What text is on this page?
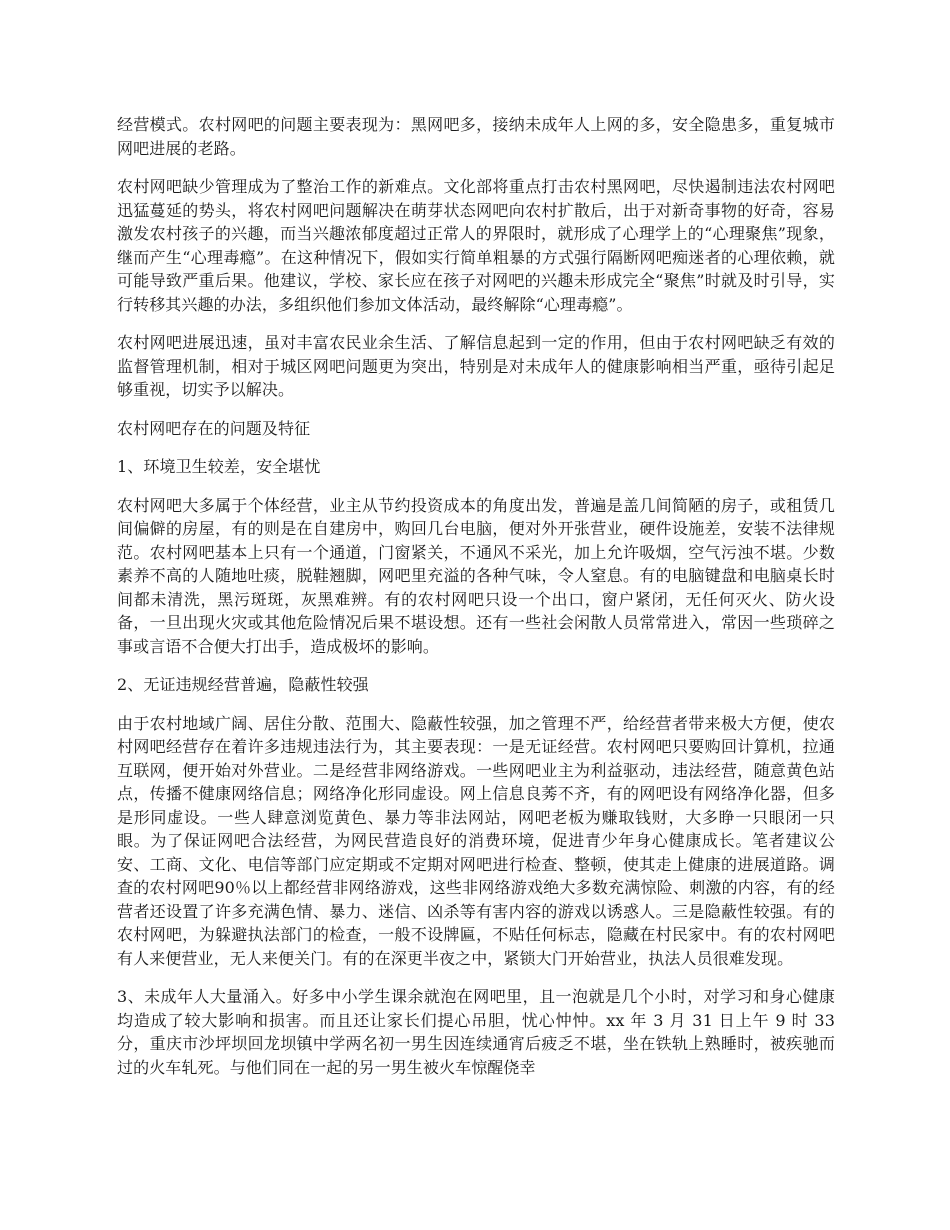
经营模式。农村网吧的问题主要表现为：黑网吧多，接纳未成年人上网的多，安全隐患多，重复城市网吧进展的老路。

农村网吧缺少管理成为了整治工作的新难点。文化部将重点打击农村黑网吧，尽快遏制违法农村网吧迅猛蔓延的势头，将农村网吧问题解决在萌芽状态网吧向农村扩散后，出于对新奇事物的好奇，容易激发农村孩子的兴趣，而当兴趣浓郁度超过正常人的界限时，就形成了心理学上的“心理聚焦”现象，继而产生“心理毒瘾”。在这种情况下，假如实行简单粗暴的方式强行隔断网吧痴迷者的心理依赖，就可能导致严重后果。他建议，学校、家长应在孩子对网吧的兴趣未形成完全“聚焦”时就及时引导，实行转移其兴趣的办法，多组织他们参加文体活动，最终解除“心理毒瘾”。

农村网吧进展迅速，虽对丰富农民业余生活、了解信息起到一定的作用，但由于农村网吧缺乏有效的监督管理机制，相对于城区网吧问题更为突出，特别是对未成年人的健康影响相当严重，亟待引起足够重视，切实予以解决。

农村网吧存在的问题及特征

1、环境卫生较差，安全堪忧

农村网吧大多属于个体经营，业主从节约投资成本的角度出发，普遍是盖几间简陋的房子，或租赁几间偏僻的房屋，有的则是在自建房中，购回几台电脑，便对外开张营业，硬件设施差，安装不法律规范。农村网吧基本上只有一个通道，门窗紧关，不通风不采光，加上允许吸烟，空气污浊不堪。少数素养不高的人随地吐痰，脱鞋翘脚，网吧里充溢的各种气味，令人窒息。有的电脑键盘和电脑桌长时间都未清洗，黑污斑斑，灰黑难辨。有的农村网吧只设一个出口，窗户紧闭，无任何灭火、防火设备，一旦出现火灾或其他危险情况后果不堪设想。还有一些社会闲散人员常常进入，常因一些琐碎之事或言语不合便大打出手，造成极坏的影响。

2、无证违规经营普遍，隐蔽性较强

由于农村地域广阔、居住分散、范围大、隐蔽性较强，加之管理不严，给经营者带来极大方便，使农村网吧经营存在着许多违规违法行为，其主要表现：一是无证经营。农村网吧只要购回计算机，拉通互联网，便开始对外营业。二是经营非网络游戏。一些网吧业主为利益驱动，违法经营，随意黄色站点，传播不健康网络信息；网络净化形同虚设。网上信息良莠不齐，有的网吧设有网络净化器，但多是形同虚设。一些人肆意浏览黄色、暴力等非法网站，网吧老板为赚取钱财，大多睁一只眼闭一只眼。为了保证网吧合法经营，为网民营造良好的消费环境，促进青少年身心健康成长。笔者建议公安、工商、文化、电信等部门应定期或不定期对网吧进行检查、整顿，使其走上健康的进展道路。调查的农村网吧90％以上都经营非网络游戏，这些非网络游戏绝大多数充满惊险、刺激的内容，有的经营者还设置了许多充满色情、暴力、迷信、凶杀等有害内容的游戏以诱惑人。三是隐蔽性较强。有的农村网吧，为躲避执法部门的检查，一般不设牌匾，不贴任何标志，隐藏在村民家中。有的农村网吧有人来便营业，无人来便关门。有的在深更半夜之中，紧锁大门开始营业，执法人员很难发现。

3、未成年人大量涌入。好多中小学生课余就泡在网吧里，且一泡就是几个小时，对学习和身心健康均造成了较大影响和损害。而且还让家长们提心吊胆，忧心忡忡。xx 年 3 月 31 日上午 9 时 33 分，重庆市沙坪坝回龙坝镇中学两名初一男生因连续通宵后疲乏不堪，坐在铁轨上熟睡时，被疾驰而过的火车轧死。与他们同在一起的另一男生被火车惊醒侥幸
